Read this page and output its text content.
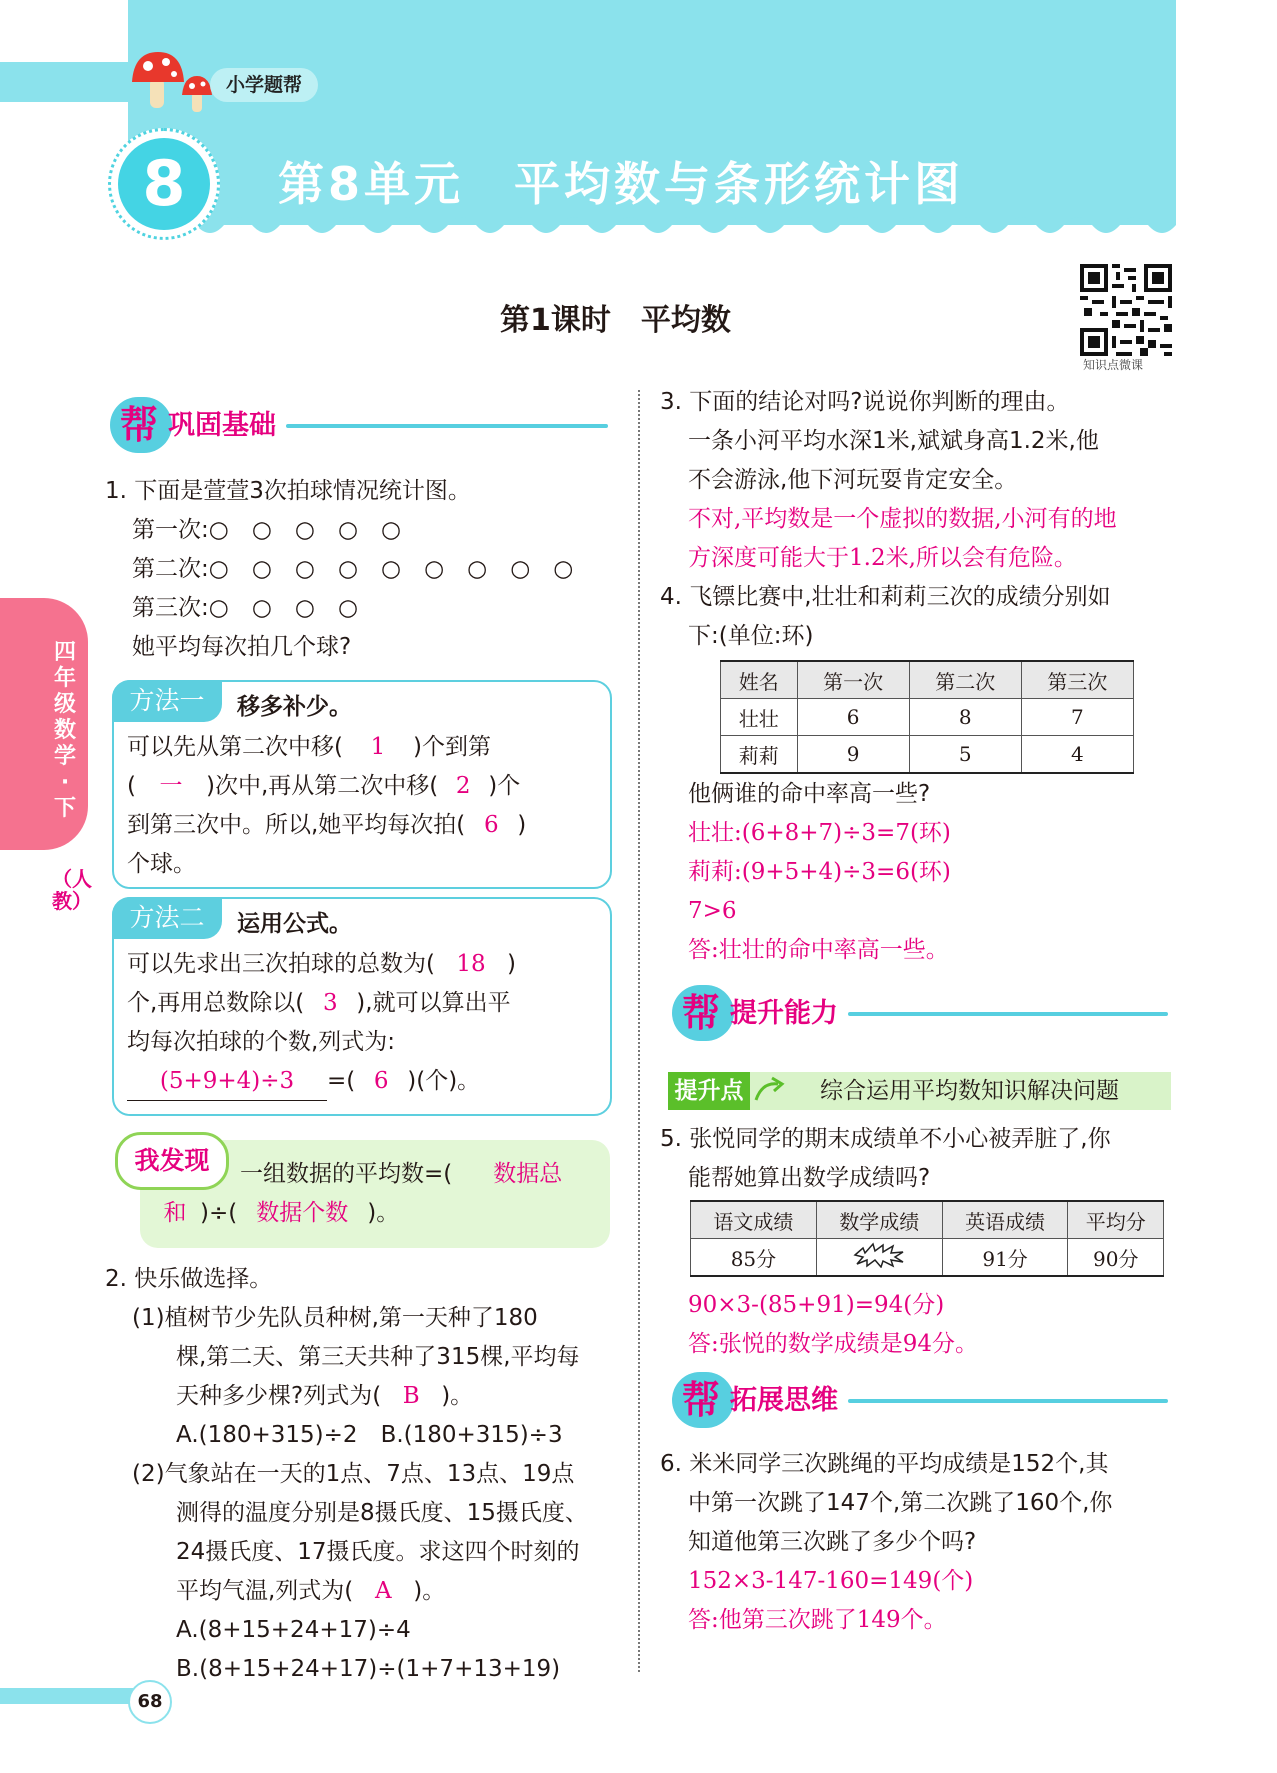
小学题帮
8	第8单元　平均数与条形统计图
第1课时　平均数
知识点微课
四年级数学·下
（人教）
帮 巩固基础
1. 下面是萱萱3次拍球情况统计图。
第一次:○　○　○　○　○
第二次:○　○　○　○　○　○　○　○　○
第三次:○　○　○　○
她平均每次拍几个球?
方法一	移多补少。
可以先从第二次中移( 1 )个到第
( 一 )次中,再从第二次中移( 2 )个
到第三次中。所以,她平均每次拍( 6 )
个球。
方法二	运用公式。
可以先求出三次拍球的总数为( 18 )
个,再用总数除以( 3 ),就可以算出平
均每次拍球的个数,列式为:
(5+9+4)÷3 =( 6 )(个)。
我发现	一组数据的平均数=( 数据总
和 )÷( 数据个数 )。
2. 快乐做选择。
(1)植树节少先队员种树,第一天种了180
棵,第二天、第三天共种了315棵,平均每
天种多少棵?列式为( B )。
A.(180+315)÷2　B.(180+315)÷3
(2)气象站在一天的1点、7点、13点、19点
测得的温度分别是8摄氏度、15摄氏度、
24摄氏度、17摄氏度。求这四个时刻的
平均气温,列式为( A )。
A.(8+15+24+17)÷4
B.(8+15+24+17)÷(1+7+13+19)
3. 下面的结论对吗?说说你判断的理由。
一条小河平均水深1米,斌斌身高1.2米,他
不会游泳,他下河玩耍肯定安全。
不对,平均数是一个虚拟的数据,小河有的地
方深度可能大于1.2米,所以会有危险。
4. 飞镖比赛中,壮壮和莉莉三次的成绩分别如
下:(单位:环)
姓名	第一次	第二次	第三次
壮壮	6	8	7
莉莉	9	5	4
他俩谁的命中率高一些?
壮壮:(6+8+7)÷3=7(环)
莉莉:(9+5+4)÷3=6(环)
7>6
答:壮壮的命中率高一些。
帮 提升能力
提升点	综合运用平均数知识解决问题
5. 张悦同学的期末成绩单不小心被弄脏了,你
能帮她算出数学成绩吗?
语文成绩	数学成绩	英语成绩	平均分
85分		91分	90分
90×3-(85+91)=94(分)
答:张悦的数学成绩是94分。
帮 拓展思维
6. 米米同学三次跳绳的平均成绩是152个,其
中第一次跳了147个,第二次跳了160个,你
知道他第三次跳了多少个吗?
152×3-147-160=149(个)
答:他第三次跳了149个。
68
